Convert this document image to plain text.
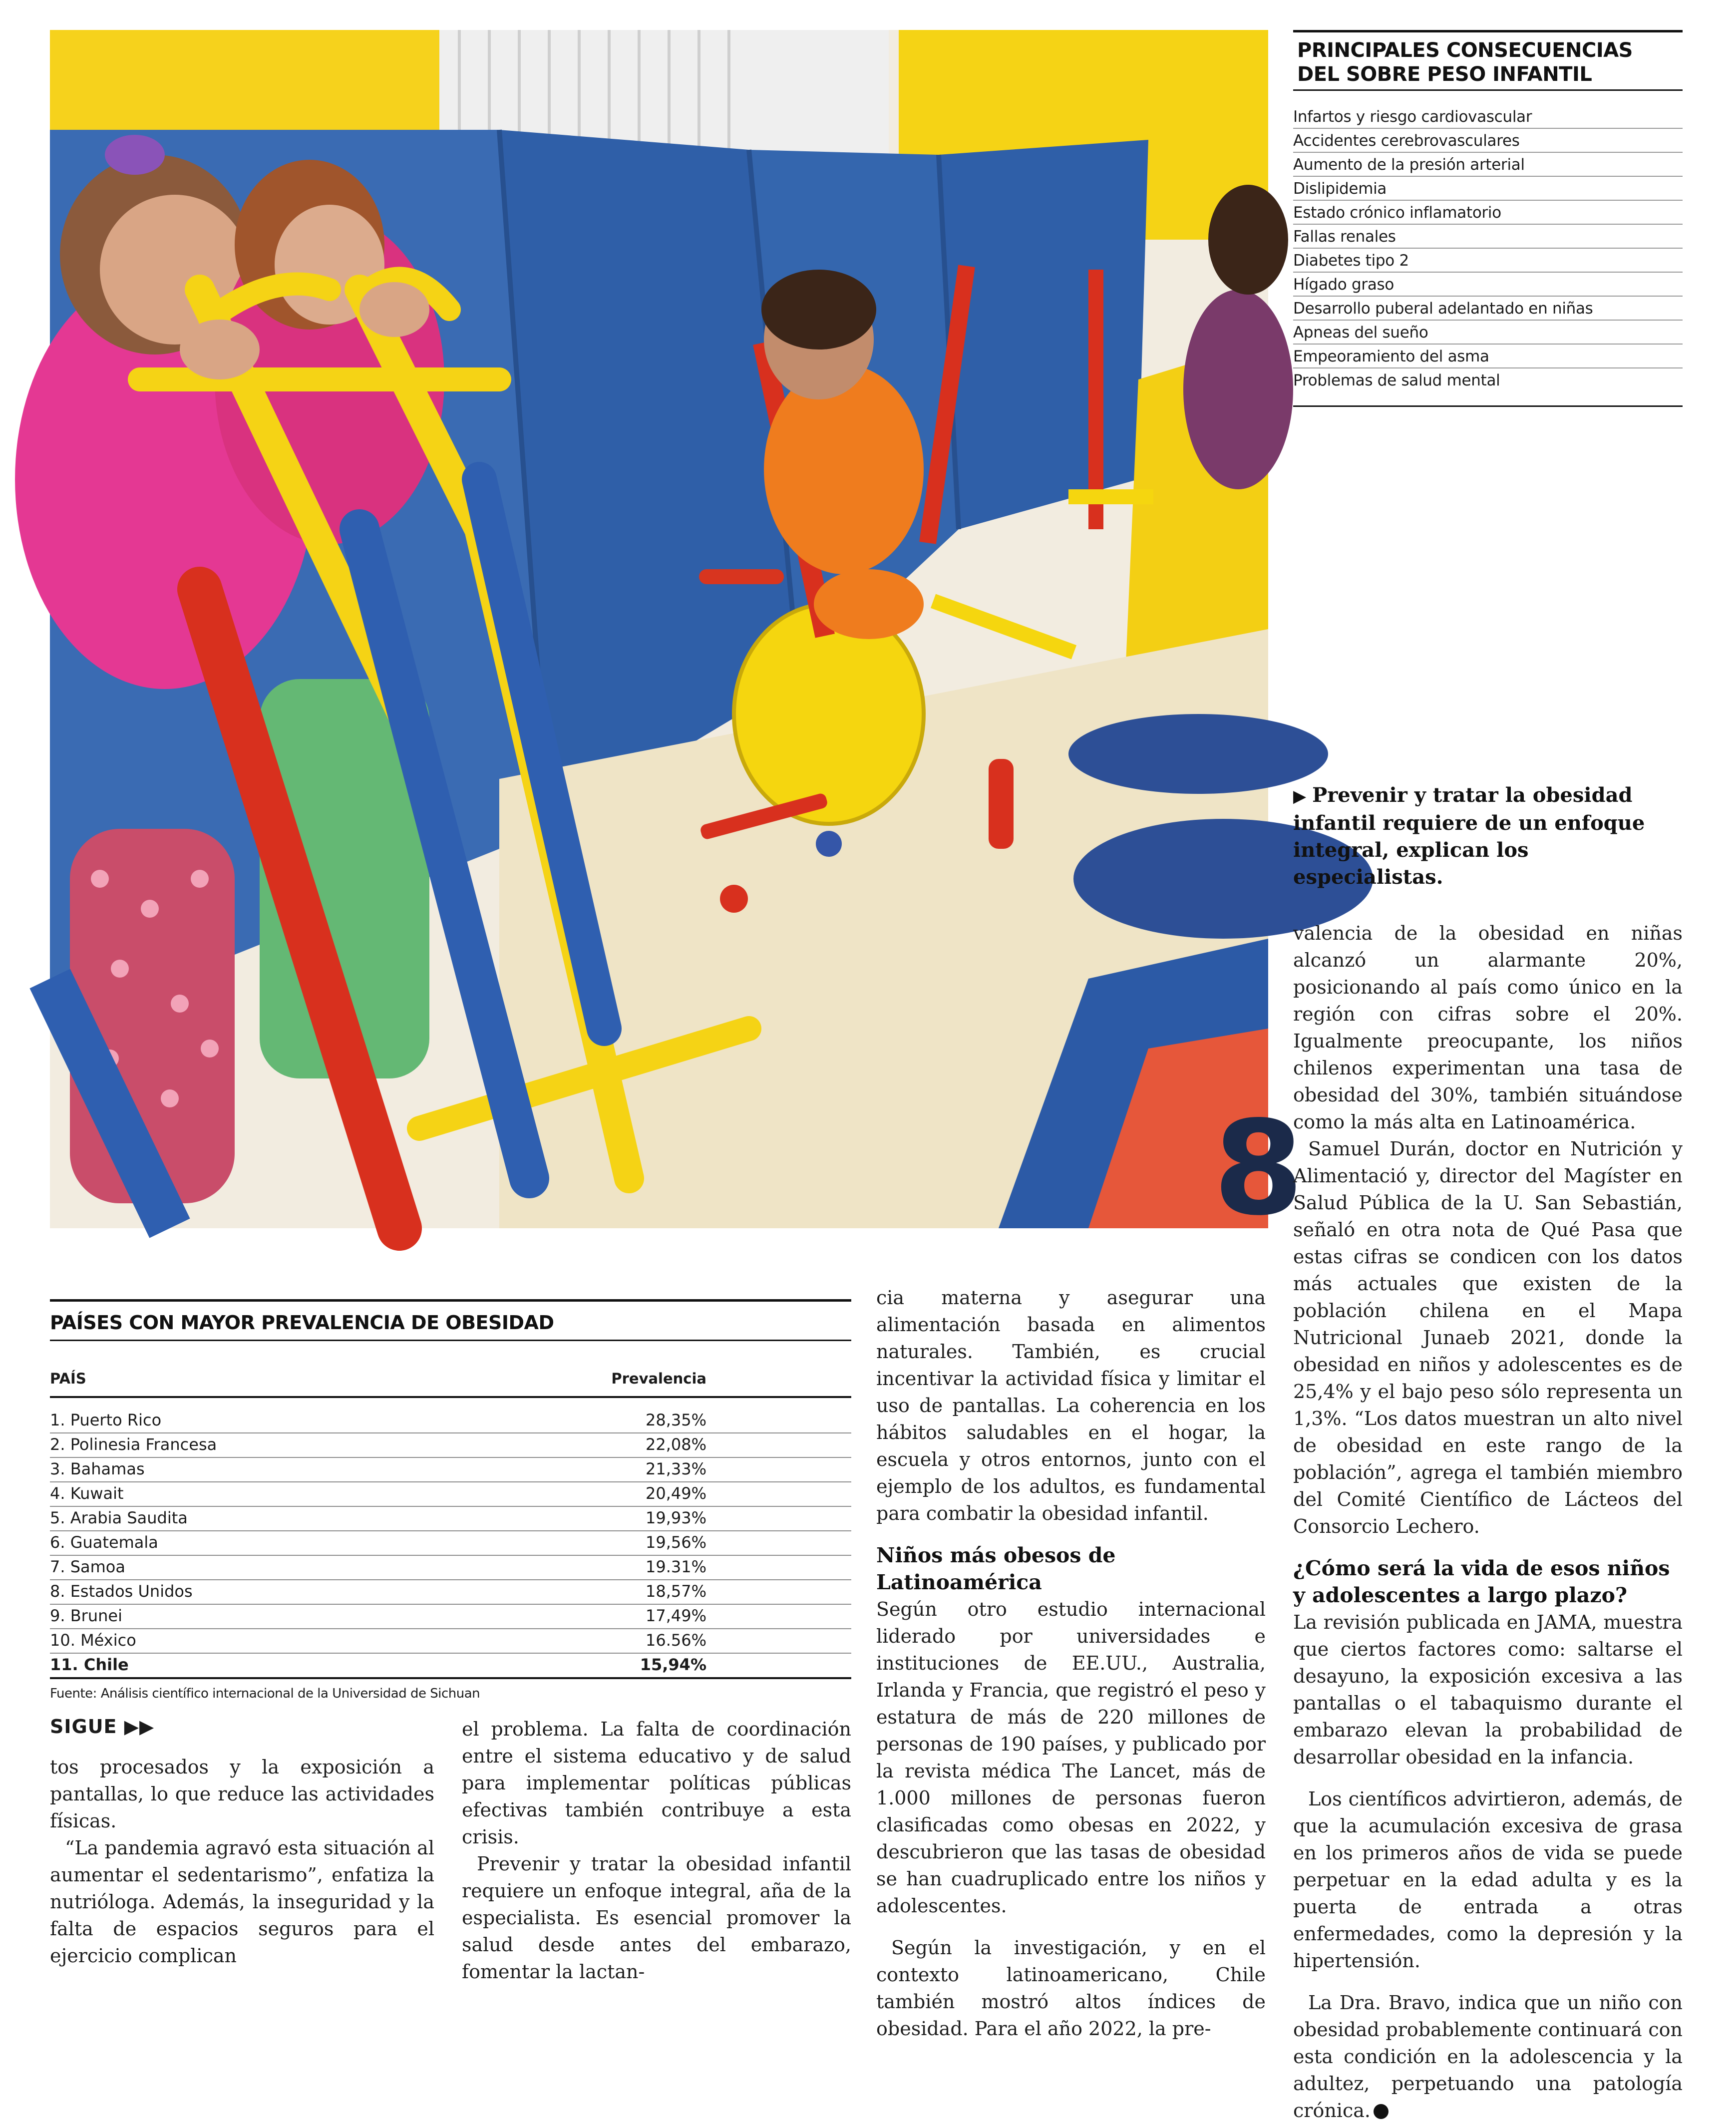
8
PRINCIPALES CONSECUENCIAS DEL SOBRE PESO INFANTIL
Infartos y riesgo cardiovascular
Accidentes cerebrovasculares
Aumento de la presión arterial
Dislipidemia
Estado crónico inflamatorio
Fallas renales
Diabetes tipo 2
Hígado graso
Desarrollo puberal adelantado en niñas
Apneas del sueño
Empeoramiento del asma
Problemas de salud mental
PAÍSES CON MAYOR PREVALENCIA DE OBESIDAD
PAÍS	Prevalencia
1. Puerto Rico	28,35%
2. Polinesia Francesa	22,08%
3. Bahamas	21,33%
4. Kuwait	20,49%
5. Arabia Saudita	19,93%
6. Guatemala	19,56%
7. Samoa	19.31%
8. Estados Unidos	18,57%
9. Brunei	17,49%
10. México	16.56%
11. Chile	15,94%
Fuente: Análisis científico internacional de la Universidad de Sichuan
SIGUE ▶▶

tos procesados y la exposición a pantallas, lo que reduce las actividades físicas.

“La pandemia agravó esta situación al aumentar el sedentarismo”, enfatiza la nutrióloga. Además, la inseguridad y la falta de espacios seguros para el ejercicio complican

el problema. La falta de coordinación entre el sistema educativo y de salud para implementar políticas públicas efectivas también contribuye a esta crisis.

Prevenir y tratar la obesidad infantil requiere un enfoque integral, aña de la especialista. Es esencial promover la salud desde antes del embarazo, fomentar la lactan-

cia materna y asegurar una alimentación basada en alimentos naturales. También, es crucial incentivar la actividad física y limitar el uso de pantallas. La coherencia en los hábitos saludables en el hogar, la escuela y otros entornos, junto con el ejemplo de los adultos, es fundamental para combatir la obesidad infantil.

Niños más obesos de Latinoamérica

Según otro estudio internacional liderado por universidades e instituciones de EE.UU., Australia, Irlanda y Francia, que registró el peso y estatura de más de 220 millones de personas de 190 países, y publicado por la revista médica The Lancet, más de 1.000 millones de personas fueron clasificadas como obesas en 2022, y descubrieron que las tasas de obesidad se han cuadruplicado entre los niños y adolescentes.

Según la investigación, y en el contexto latinoamericano, Chile también mostró altos índices de obesidad. Para el año 2022, la pre-

▶ Prevenir y tratar la obesidad infantil requiere de un enfoque integral, explican los especialistas.

valencia de la obesidad en niñas alcanzó un alarmante 20%, posicionando al país como único en la región con cifras sobre el 20%. Igualmente preocupante, los niños chilenos experimentan una tasa de obesidad del 30%, también situándose como la más alta en Latinoamérica.

Samuel Durán, doctor en Nutrición y Alimentació y, director del Magíster en Salud Pública de la U. San Sebastián, señaló en otra nota de Qué Pasa que estas cifras se condicen con los datos más actuales que existen de la población chilena en el Mapa Nutricional Junaeb 2021, donde la obesidad en niños y adolescentes es de 25,4% y el bajo peso sólo representa un 1,3%. “Los datos muestran un alto nivel de obesidad en este rango de la población”, agrega el también miembro del Comité Científico de Lácteos del Consorcio Lechero.

¿Cómo será la vida de esos niños y adolescentes a largo plazo?

La revisión publicada en JAMA, muestra que ciertos factores como: saltarse el desayuno, la exposición excesiva a las pantallas o el tabaquismo durante el embarazo elevan la probabilidad de desarrollar obesidad en la infancia.

Los científicos advirtieron, además, de que la acumulación excesiva de grasa en los primeros años de vida se puede perpetuar en la edad adulta y es la puerta de entrada a otras enfermedades, como la depresión y la hipertensión.

La Dra. Bravo, indica que un niño con obesidad probablemente continuará con esta condición en la adolescencia y la adultez, perpetuando una patología crónica.
